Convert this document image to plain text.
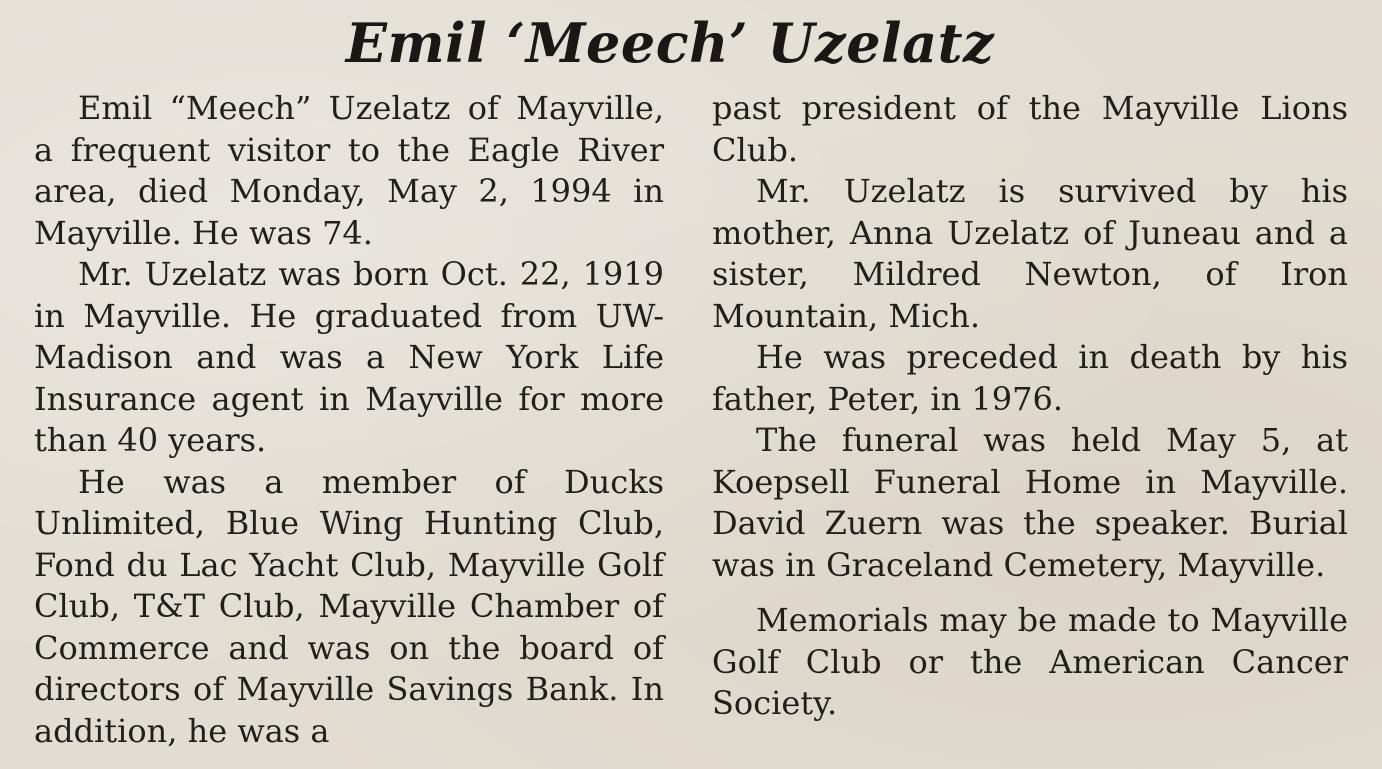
Emil ‘Meech’ Uzelatz

Emil “Meech” Uzelatz of Mayville, a frequent visitor to the Eagle River area, died Monday, May 2, 1994 in Mayville. He was 74.

Mr. Uzelatz was born Oct. 22, 1919 in Mayville. He graduated from UW-Madison and was a New York Life Insurance agent in Mayville for more than 40 years.

He was a member of Ducks Unlimited, Blue Wing Hunting Club, Fond du Lac Yacht Club, Mayville Golf Club, T&T Club, Mayville Chamber of Commerce and was on the board of directors of Mayville Savings Bank. In addition, he was a

past president of the Mayville Lions Club.

Mr. Uzelatz is survived by his mother, Anna Uzelatz of Juneau and a sister, Mildred Newton, of Iron Mountain, Mich.

He was preceded in death by his father, Peter, in 1976.

The funeral was held May 5, at Koepsell Funeral Home in Mayville. David Zuern was the speaker. Burial was in Graceland Cemetery, Mayville.

Memorials may be made to Mayville Golf Club or the American Cancer Society.
